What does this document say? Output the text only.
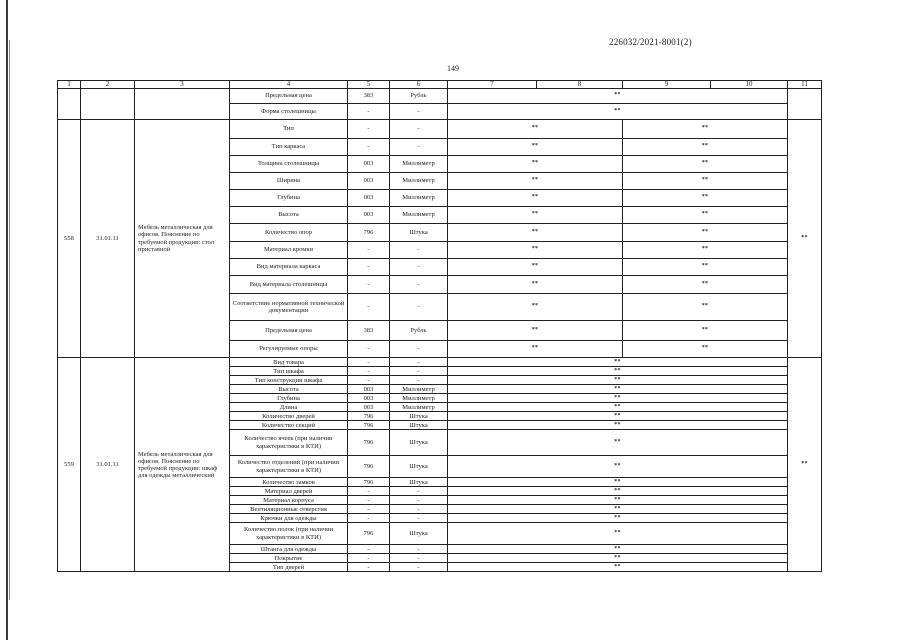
226032/2021-8001(2)
149
1	2	3	4	5	6	7	8	9	10	11
			Предельная цена	383	Рубль	**		
			Форма столешницы	-	-	**		
558	31.01.11	Мебель металлическая для офисов. Пояснение по требуемой продукции: стол приставной	Тип	-	-	**	**	**
			Тип каркаса	-	-	**	**	
			Толщина столешницы	003	Миллиметр	**	**	
			Ширина	003	Миллиметр	**	**	
			Глубина	003	Миллиметр	**	**	
			Высота	003	Миллиметр	**	**	
			Количество опор	796	Штука	**	**	
			Материал кромки	-	-	**	**	
			Вид материала каркаса	-	-	**	**	
			Вид материала столешницы	-	-	**	**	
			Соответствие нормативной технической документации	-	-	**	**	
			Предельная цена	383	Рубль	**	**	
			Регулируемые опоры	-	-	**	**	
559	31.01.11	Мебель металлическая для офисов. Пояснение по требуемой продукции: шкаф для одежды металлический	Вид товара	-	-	**		**
			Тип шкафа	-	-	**		
			Тип конструкции шкафа	-	-	**		
			Высота	003	Миллиметр	**		
			Глубина	003	Миллиметр	**		
			Длина	003	Миллиметр	**		
			Количество дверей	796	Штука	**		
			Количество секций	796	Штука	**		
			Количество ячеек (при наличии характеристики в КТИ)	796	Штука	**		
			Количество отделений (при наличии характеристики в КТИ)	796	Штука	**		
			Количество замков	796	Штука	**		
			Материал дверей	-	-	**		
			Материал корпуса	-	-	**		
			Вентиляционные отверстия	-	-	**		
			Крючки для одежды	-	-	**		
			Количество полок (при наличии характеристики в КТИ)	796	Штука	**		
			Штанга для одежды	-	-	**		
			Покрытие	-	-	**		
			Тип дверей	-	-	**		
